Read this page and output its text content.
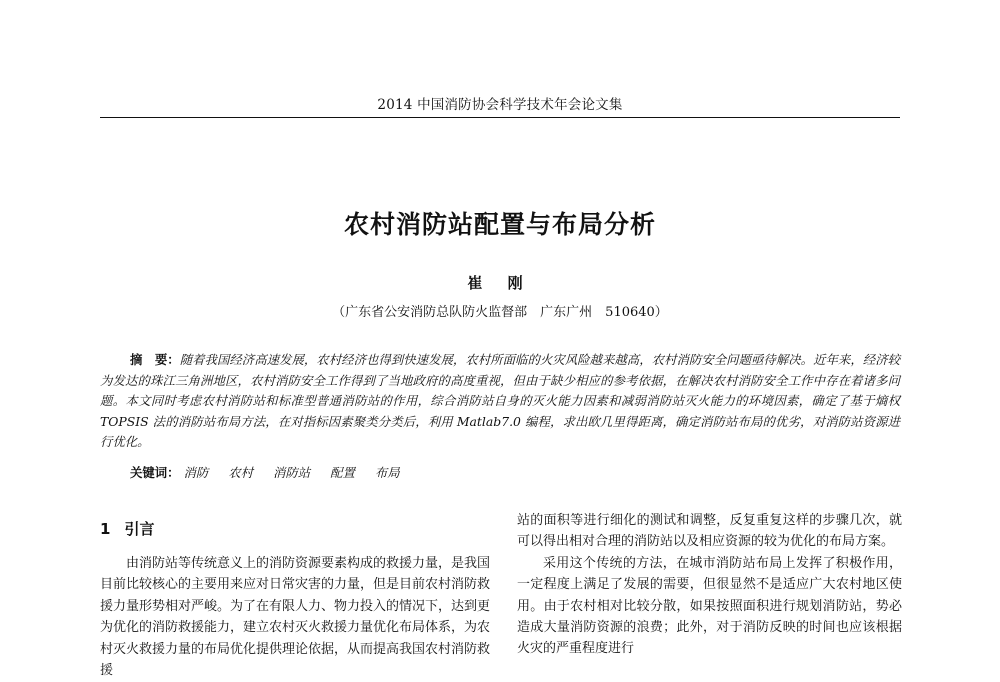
2014 中国消防协会科学技术年会论文集
农村消防站配置与布局分析
崔 刚
（广东省公安消防总队防火监督部　广东广州　510640）
摘　要：随着我国经济高速发展，农村经济也得到快速发展，农村所面临的火灾风险越来越高，农村消防安全问题亟待解决。近年来，经济较为发达的珠江三角洲地区，农村消防安全工作得到了当地政府的高度重视，但由于缺少相应的参考依据，在解决农村消防安全工作中存在着诸多问题。本文同时考虑农村消防站和标准型普通消防站的作用，综合消防站自身的灭火能力因素和减弱消防站灭火能力的环境因素，确定了基于熵权 TOPSIS 法的消防站布局方法，在对指标因素聚类分类后，利用 Matlab7.0 编程，求出欧几里得距离，确定消防站布局的优劣，对消防站资源进行优化。
关键词： 消防 农村 消防站 配置 布局
1 引言

由消防站等传统意义上的消防资源要素构成的救援力量，是我国目前比较核心的主要用来应对日常灾害的力量，但是目前农村消防救援力量形势相对严峻。为了在有限人力、物力投入的情况下，达到更为优化的消防救援能力，建立农村灭火救援力量优化布局体系，为农村灭火救援力量的布局优化提供理论依据，从而提高我国农村消防救援

站的面积等进行细化的测试和调整，反复重复这样的步骤几次，就可以得出相对合理的消防站以及相应资源的较为优化的布局方案。

采用这个传统的方法，在城市消防站布局上发挥了积极作用，一定程度上满足了发展的需要，但很显然不是适应广大农村地区使用。由于农村相对比较分散，如果按照面积进行规划消防站，势必造成大量消防资源的浪费；此外，对于消防反映的时间也应该根据火灾的严重程度进行
